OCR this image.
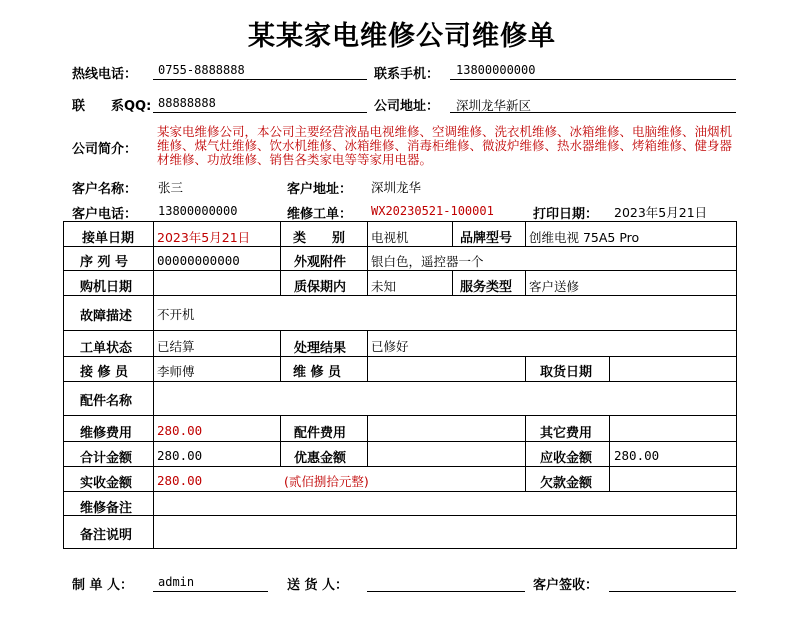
某某家电维修公司维修单
热线电话： 0755-8888888	联系手机： 13800000000
联　　系QQ: 88888888	公司地址： 深圳龙华新区
公司简介：
某家电维修公司，本公司主要经营液晶电视维修、空调维修、洗衣机维修、冰箱维修、电脑维修、油烟机维修、煤气灶维修、饮水机维修、冰箱维修、消毒柜维修、微波炉维修、热水器维修、烤箱维修、健身器材维修、功放维修、销售各类家电等等家用电器。
客户名称： 张三	客户地址： 深圳龙华
客户电话： 13800000000	维修工单： WX20230521-100001	打印日期： 2023年5月21日
接单日期 2023年5月21日	类　　别 电视机	品牌型号 创维电视 75A5 Pro
序 列 号 00000000000	外观附件 银白色，遥控器一个
购机日期	质保期内 未知	服务类型 客户送修
故障描述 不开机
工单状态 已结算	处理结果 已修好
接 修 员 李师傅	维 修 员	取货日期
配件名称
维修费用 280.00	配件费用	其它费用
合计金额 280.00	优惠金额	应收金额 280.00
实收金额 280.00	(贰佰捌拾元整)	欠款金额
维修备注
备注说明
制 单 人： admin	送 货 人：	客户签收：
